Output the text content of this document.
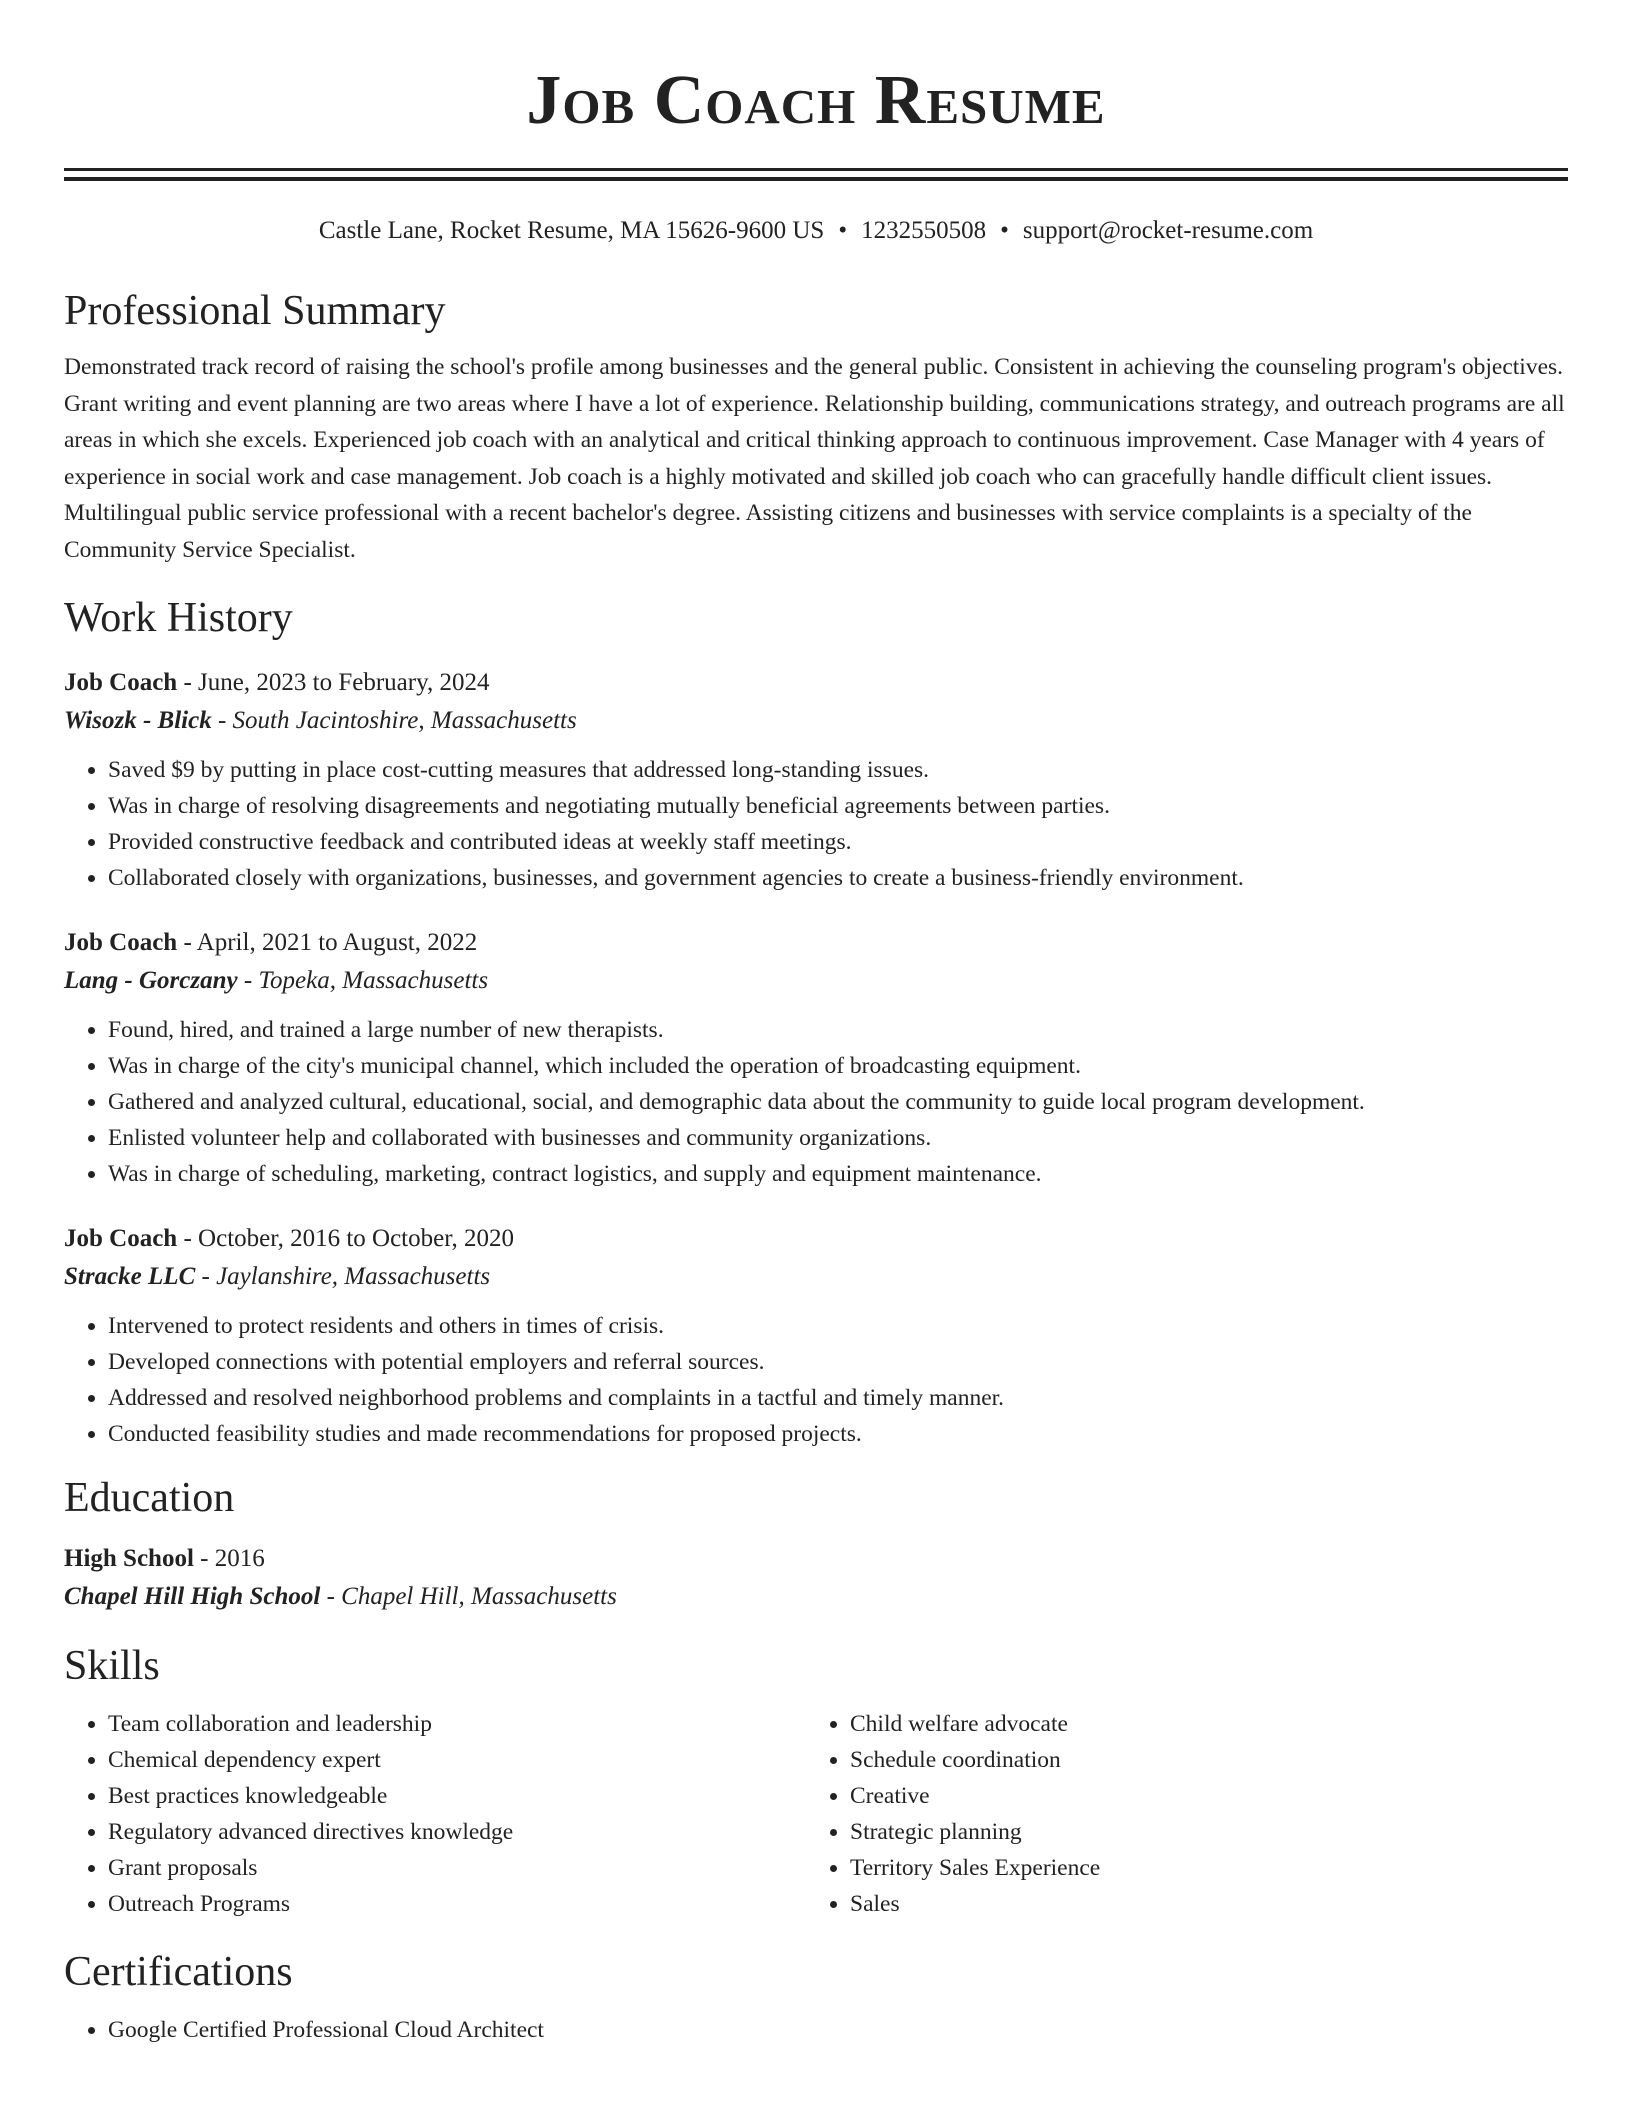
Job Coach Resume
Castle Lane, Rocket Resume, MA 15626-9600 US • 1232550508 • support@rocket-resume.com
Professional Summary
Demonstrated track record of raising the school's profile among businesses and the general public. Consistent in achieving the counseling program's objectives. Grant writing and event planning are two areas where I have a lot of experience. Relationship building, communications strategy, and outreach programs are all areas in which she excels. Experienced job coach with an analytical and critical thinking approach to continuous improvement. Case Manager with 4 years of experience in social work and case management. Job coach is a highly motivated and skilled job coach who can gracefully handle difficult client issues. Multilingual public service professional with a recent bachelor's degree. Assisting citizens and businesses with service complaints is a specialty of the Community Service Specialist.
Work History
Job Coach - June, 2023 to February, 2024
Wisozk - Blick - South Jacintoshire, Massachusetts
• Saved $9 by putting in place cost-cutting measures that addressed long-standing issues.
• Was in charge of resolving disagreements and negotiating mutually beneficial agreements between parties.
• Provided constructive feedback and contributed ideas at weekly staff meetings.
• Collaborated closely with organizations, businesses, and government agencies to create a business-friendly environment.
Job Coach - April, 2021 to August, 2022
Lang - Gorczany - Topeka, Massachusetts
• Found, hired, and trained a large number of new therapists.
• Was in charge of the city's municipal channel, which included the operation of broadcasting equipment.
• Gathered and analyzed cultural, educational, social, and demographic data about the community to guide local program development.
• Enlisted volunteer help and collaborated with businesses and community organizations.
• Was in charge of scheduling, marketing, contract logistics, and supply and equipment maintenance.
Job Coach - October, 2016 to October, 2020
Stracke LLC - Jaylanshire, Massachusetts
• Intervened to protect residents and others in times of crisis.
• Developed connections with potential employers and referral sources.
• Addressed and resolved neighborhood problems and complaints in a tactful and timely manner.
• Conducted feasibility studies and made recommendations for proposed projects.
Education
High School - 2016
Chapel Hill High School - Chapel Hill, Massachusetts
Skills
• Team collaboration and leadership
• Chemical dependency expert
• Best practices knowledgeable
• Regulatory advanced directives knowledge
• Grant proposals
• Outreach Programs
• Child welfare advocate
• Schedule coordination
• Creative
• Strategic planning
• Territory Sales Experience
• Sales
Certifications
• Google Certified Professional Cloud Architect
